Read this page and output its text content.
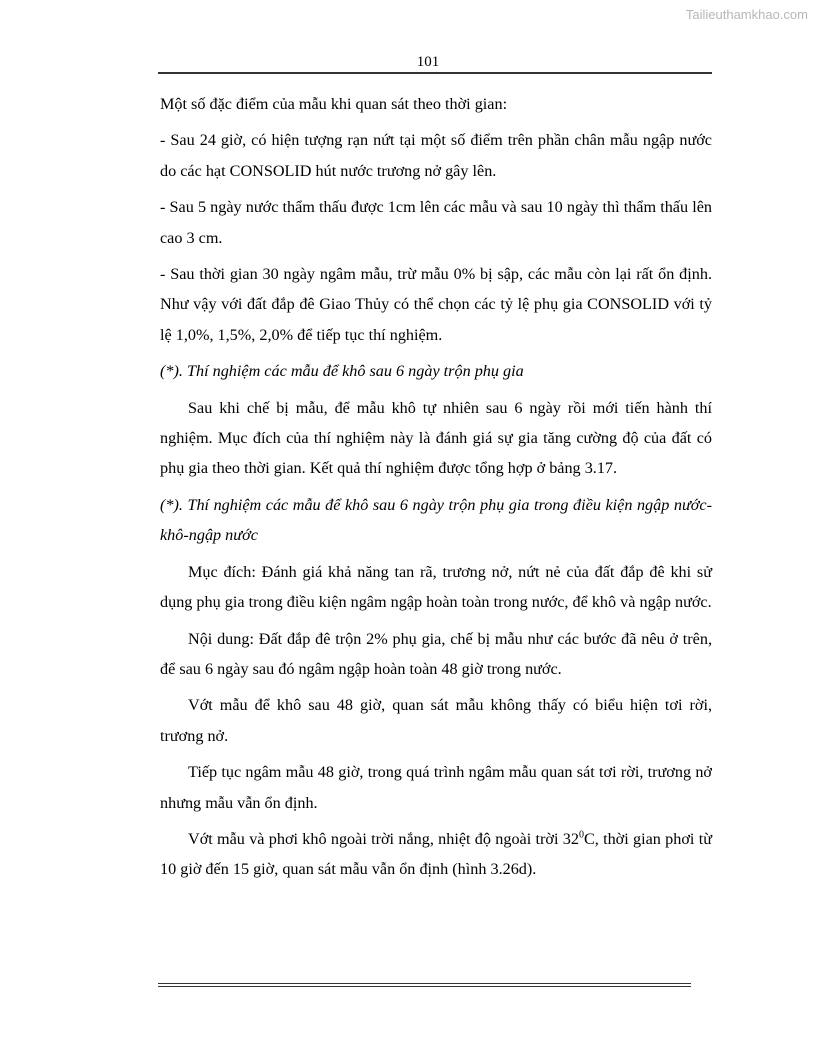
Tailieuthamkhao.com
101

Một số đặc điểm của mẫu khi quan sát theo thời gian:

- Sau 24 giờ, có hiện tượng rạn nứt tại một số điểm trên phần chân mẫu ngập nước do các hạt CONSOLID hút nước trương nở gây lên.

- Sau 5 ngày nước thẩm thấu được 1cm lên các mẫu và sau 10 ngày thì thẩm thấu lên cao 3 cm.

- Sau thời gian 30 ngày ngâm mẫu, trừ mẫu 0% bị sập, các mẫu còn lại rất ổn định. Như vậy với đất đắp đê Giao Thủy có thể chọn các tỷ lệ phụ gia CONSOLID với tỷ lệ 1,0%, 1,5%, 2,0% để tiếp tục thí nghiệm.

(*). Thí nghiệm các mẫu để khô sau 6 ngày trộn phụ gia

Sau khi chế bị mẫu, để mẫu khô tự nhiên sau 6 ngày rồi mới tiến hành thí nghiệm. Mục đích của thí nghiệm này là đánh giá sự gia tăng cường độ của đất có phụ gia theo thời gian. Kết quả thí nghiệm được tổng hợp ở bảng 3.17.

(*). Thí nghiệm các mẫu để khô sau 6 ngày trộn phụ gia trong điều kiện ngập nước-khô-ngập nước

Mục đích: Đánh giá khả năng tan rã, trương nở, nứt nẻ của đất đắp đê khi sử dụng phụ gia trong điều kiện ngâm ngập hoàn toàn trong nước, để khô và ngập nước.

Nội dung: Đất đắp đê trộn 2% phụ gia, chế bị mẫu như các bước đã nêu ở trên, để sau 6 ngày sau đó ngâm ngập hoàn toàn 48 giờ trong nước.

Vớt mẫu để khô sau 48 giờ, quan sát mẫu không thấy có biểu hiện tơi rời, trương nở.

Tiếp tục ngâm mẫu 48 giờ, trong quá trình ngâm mẫu quan sát tơi rời, trương nở nhưng mẫu vẫn ổn định.

Vớt mẫu và phơi khô ngoài trời nắng, nhiệt độ ngoài trời $32^0C$, thời gian phơi từ 10 giờ đến 15 giờ, quan sát mẫu vẫn ổn định (hình 3.26d).
